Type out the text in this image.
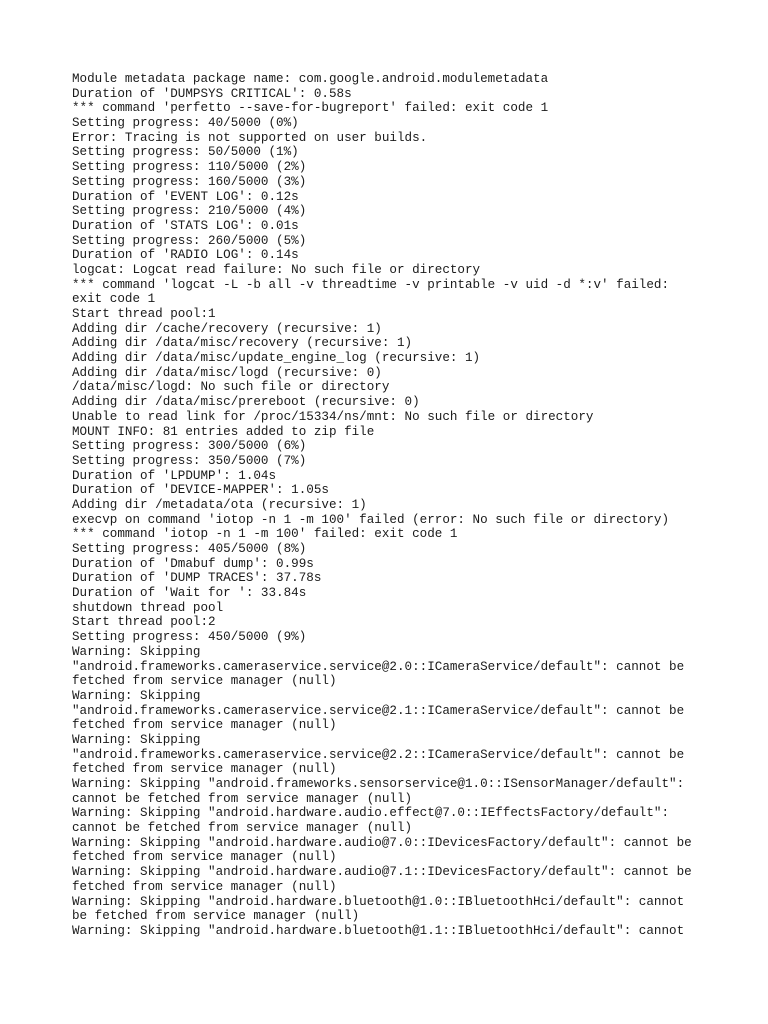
Module metadata package name: com.google.android.modulemetadata
Duration of 'DUMPSYS CRITICAL': 0.58s
*** command 'perfetto --save-for-bugreport' failed: exit code 1
Setting progress: 40/5000 (0%)
Error: Tracing is not supported on user builds.
Setting progress: 50/5000 (1%)
Setting progress: 110/5000 (2%)
Setting progress: 160/5000 (3%)
Duration of 'EVENT LOG': 0.12s
Setting progress: 210/5000 (4%)
Duration of 'STATS LOG': 0.01s
Setting progress: 260/5000 (5%)
Duration of 'RADIO LOG': 0.14s
logcat: Logcat read failure: No such file or directory
*** command 'logcat -L -b all -v threadtime -v printable -v uid -d *:v' failed:
exit code 1
Start thread pool:1
Adding dir /cache/recovery (recursive: 1)
Adding dir /data/misc/recovery (recursive: 1)
Adding dir /data/misc/update_engine_log (recursive: 1)
Adding dir /data/misc/logd (recursive: 0)
/data/misc/logd: No such file or directory
Adding dir /data/misc/prereboot (recursive: 0)
Unable to read link for /proc/15334/ns/mnt: No such file or directory
MOUNT INFO: 81 entries added to zip file
Setting progress: 300/5000 (6%)
Setting progress: 350/5000 (7%)
Duration of 'LPDUMP': 1.04s
Duration of 'DEVICE-MAPPER': 1.05s
Adding dir /metadata/ota (recursive: 1)
execvp on command 'iotop -n 1 -m 100' failed (error: No such file or directory)
*** command 'iotop -n 1 -m 100' failed: exit code 1
Setting progress: 405/5000 (8%)
Duration of 'Dmabuf dump': 0.99s
Duration of 'DUMP TRACES': 37.78s
Duration of 'Wait for ': 33.84s
shutdown thread pool
Start thread pool:2
Setting progress: 450/5000 (9%)
Warning: Skipping
"android.frameworks.cameraservice.service@2.0::ICameraService/default": cannot be
fetched from service manager (null)
Warning: Skipping
"android.frameworks.cameraservice.service@2.1::ICameraService/default": cannot be
fetched from service manager (null)
Warning: Skipping
"android.frameworks.cameraservice.service@2.2::ICameraService/default": cannot be
fetched from service manager (null)
Warning: Skipping "android.frameworks.sensorservice@1.0::ISensorManager/default":
cannot be fetched from service manager (null)
Warning: Skipping "android.hardware.audio.effect@7.0::IEffectsFactory/default":
cannot be fetched from service manager (null)
Warning: Skipping "android.hardware.audio@7.0::IDevicesFactory/default": cannot be
fetched from service manager (null)
Warning: Skipping "android.hardware.audio@7.1::IDevicesFactory/default": cannot be
fetched from service manager (null)
Warning: Skipping "android.hardware.bluetooth@1.0::IBluetoothHci/default": cannot
be fetched from service manager (null)
Warning: Skipping "android.hardware.bluetooth@1.1::IBluetoothHci/default": cannot
